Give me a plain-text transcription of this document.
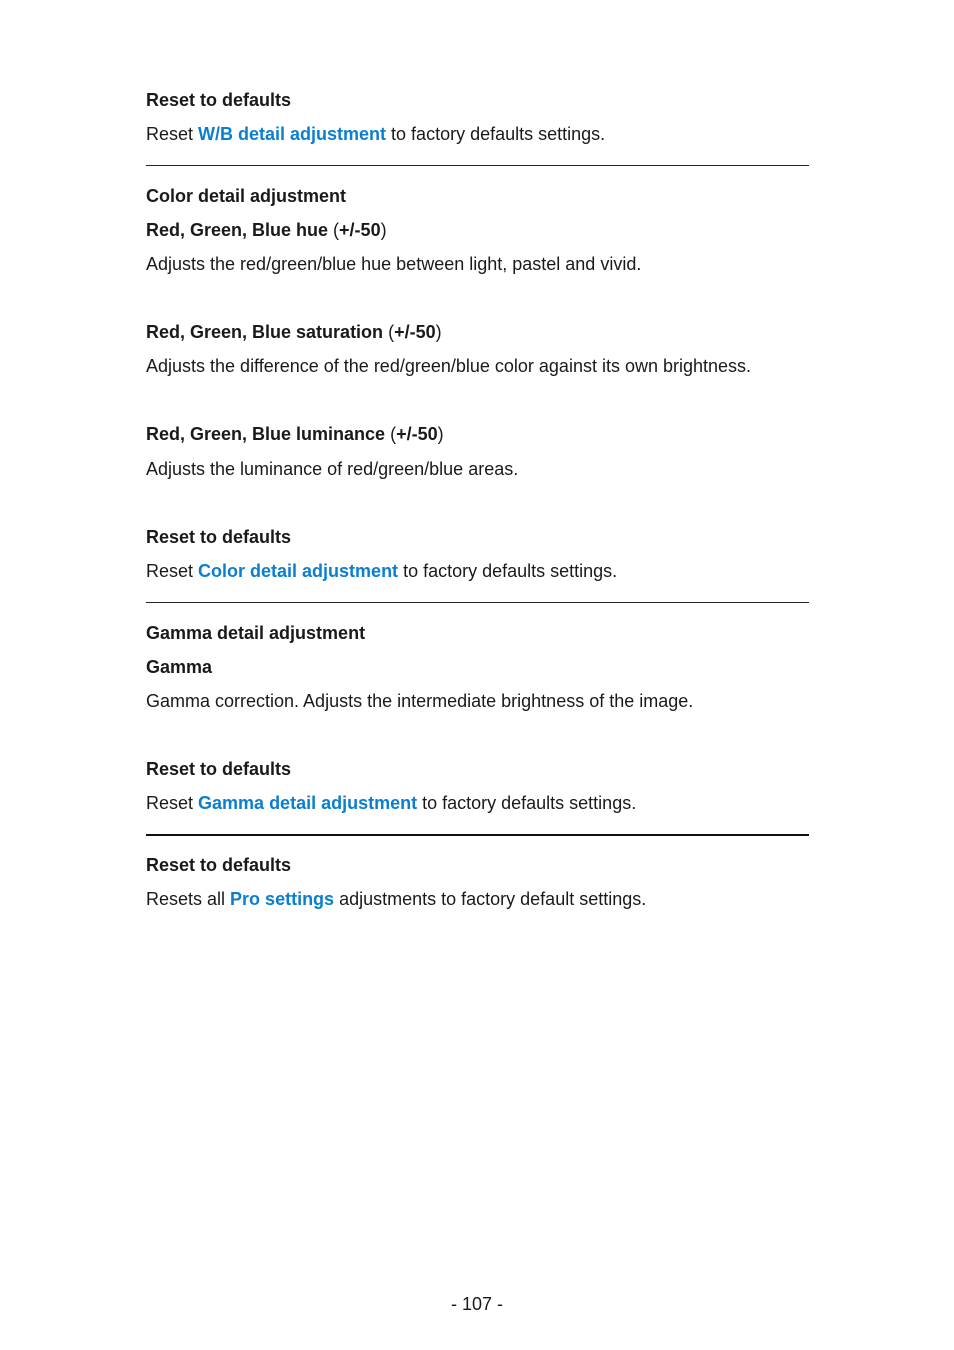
Reset to defaults
Reset W/B detail adjustment to factory defaults settings.
Color detail adjustment
Red, Green, Blue hue (+/-50)
Adjusts the red/green/blue hue between light, pastel and vivid.
Red, Green, Blue saturation (+/-50)
Adjusts the difference of the red/green/blue color against its own brightness.
Red, Green, Blue luminance (+/-50)
Adjusts the luminance of red/green/blue areas.
Reset to defaults
Reset Color detail adjustment to factory defaults settings.
Gamma detail adjustment
Gamma
Gamma correction. Adjusts the intermediate brightness of the image.
Reset to defaults
Reset Gamma detail adjustment to factory defaults settings.
Reset to defaults
Resets all Pro settings adjustments to factory default settings.
- 107 -
